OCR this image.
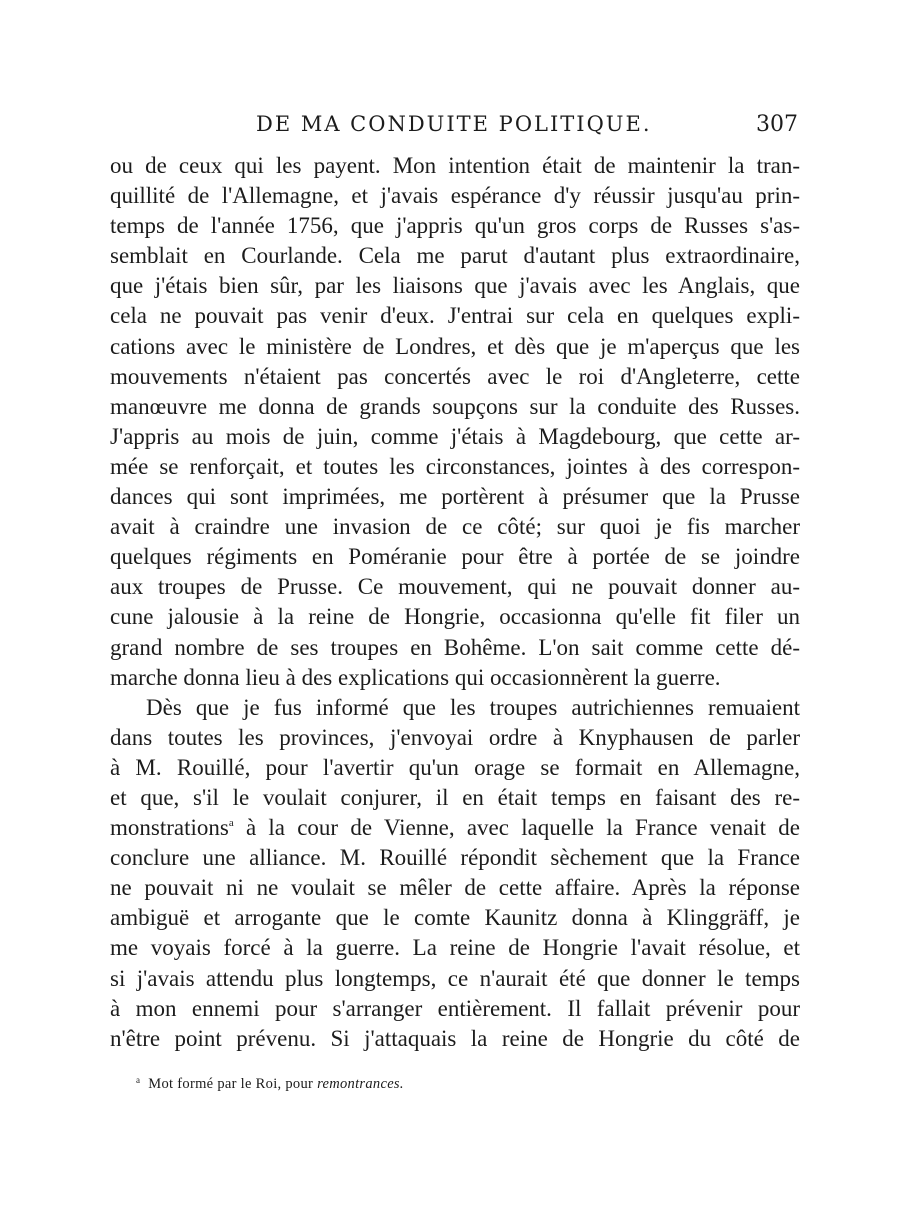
DE MA CONDUITE POLITIQUE.	307
ou de ceux qui les payent. Mon intention était de maintenir la tran-
quillité de l'Allemagne, et j'avais espérance d'y réussir jusqu'au prin-
temps de l'année 1756, que j'appris qu'un gros corps de Russes s'as-
semblait en Courlande. Cela me parut d'autant plus extraordinaire,
que j'étais bien sûr, par les liaisons que j'avais avec les Anglais, que
cela ne pouvait pas venir d'eux. J'entrai sur cela en quelques expli-
cations avec le ministère de Londres, et dès que je m'aperçus que les
mouvements n'étaient pas concertés avec le roi d'Angleterre, cette
manœuvre me donna de grands soupçons sur la conduite des Russes.
J'appris au mois de juin, comme j'étais à Magdebourg, que cette ar-
mée se renforçait, et toutes les circonstances, jointes à des correspon-
dances qui sont imprimées, me portèrent à présumer que la Prusse
avait à craindre une invasion de ce côté; sur quoi je fis marcher
quelques régiments en Poméranie pour être à portée de se joindre
aux troupes de Prusse. Ce mouvement, qui ne pouvait donner au-
cune jalousie à la reine de Hongrie, occasionna qu'elle fit filer un
grand nombre de ses troupes en Bohême. L'on sait comme cette dé-
marche donna lieu à des explications qui occasionnèrent la guerre.
Dès que je fus informé que les troupes autrichiennes remuaient
dans toutes les provinces, j'envoyai ordre à Knyphausen de parler
à M. Rouillé, pour l'avertir qu'un orage se formait en Allemagne,
et que, s'il le voulait conjurer, il en était temps en faisant des re-
monstrations$^a$ à la cour de Vienne, avec laquelle la France venait de
conclure une alliance. M. Rouillé répondit sèchement que la France
ne pouvait ni ne voulait se mêler de cette affaire. Après la réponse
ambiguë et arrogante que le comte Kaunitz donna à Klinggräff, je
me voyais forcé à la guerre. La reine de Hongrie l'avait résolue, et
si j'avais attendu plus longtemps, ce n'aurait été que donner le temps
à mon ennemi pour s'arranger entièrement. Il fallait prévenir pour
n'être point prévenu. Si j'attaquais la reine de Hongrie du côté de
$^a$ Mot formé par le Roi, pour remontrances.
